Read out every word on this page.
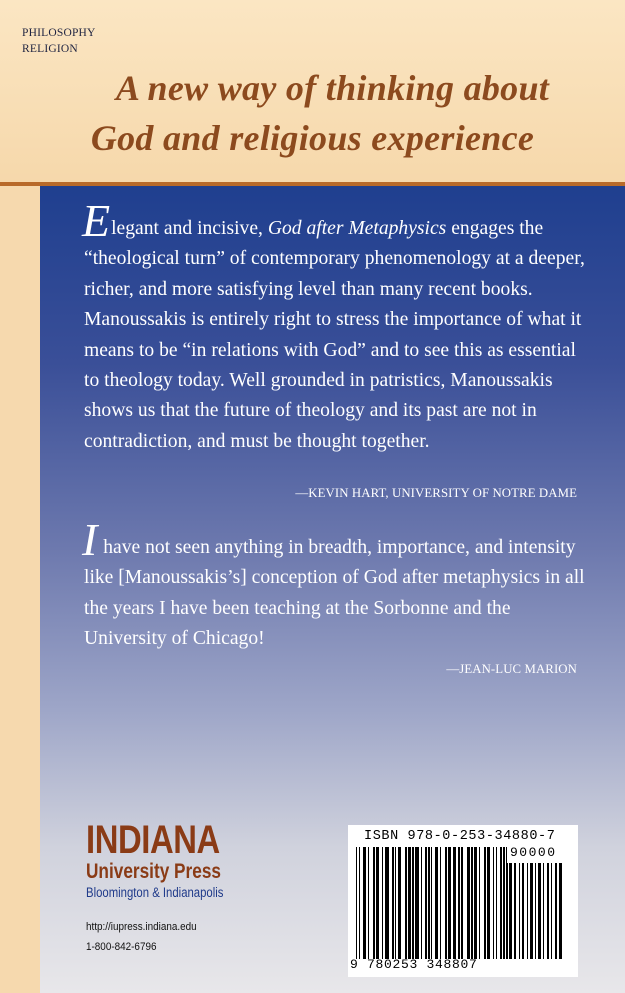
PHILOSOPHY
RELIGION
A new way of thinking about
God and religious experience
Elegant and incisive, God after Metaphysics engages the “theological turn” of contemporary phenomenology at a deeper, richer, and more satisfying level than many recent books. Manoussakis is entirely right to stress the importance of what it means to be “in relations with God” and to see this as essential to theology today. Well grounded in patristics, Manoussakis shows us that the future of theology and its past are not in contradiction, and must be thought together.
—KEVIN HART, UNIVERSITY OF NOTRE DAME
I have not seen anything in breadth, importance, and intensity like [Manoussakis’s] conception of God after metaphysics in all the years I have been teaching at the Sorbonne and the University of Chicago!
—JEAN-LUC MARION
INDIANA
University Press
Bloomington & Indianapolis
http://iupress.indiana.edu
1-800-842-6796
ISBN 978-0-253-34880-7
90000
9 780253 348807
